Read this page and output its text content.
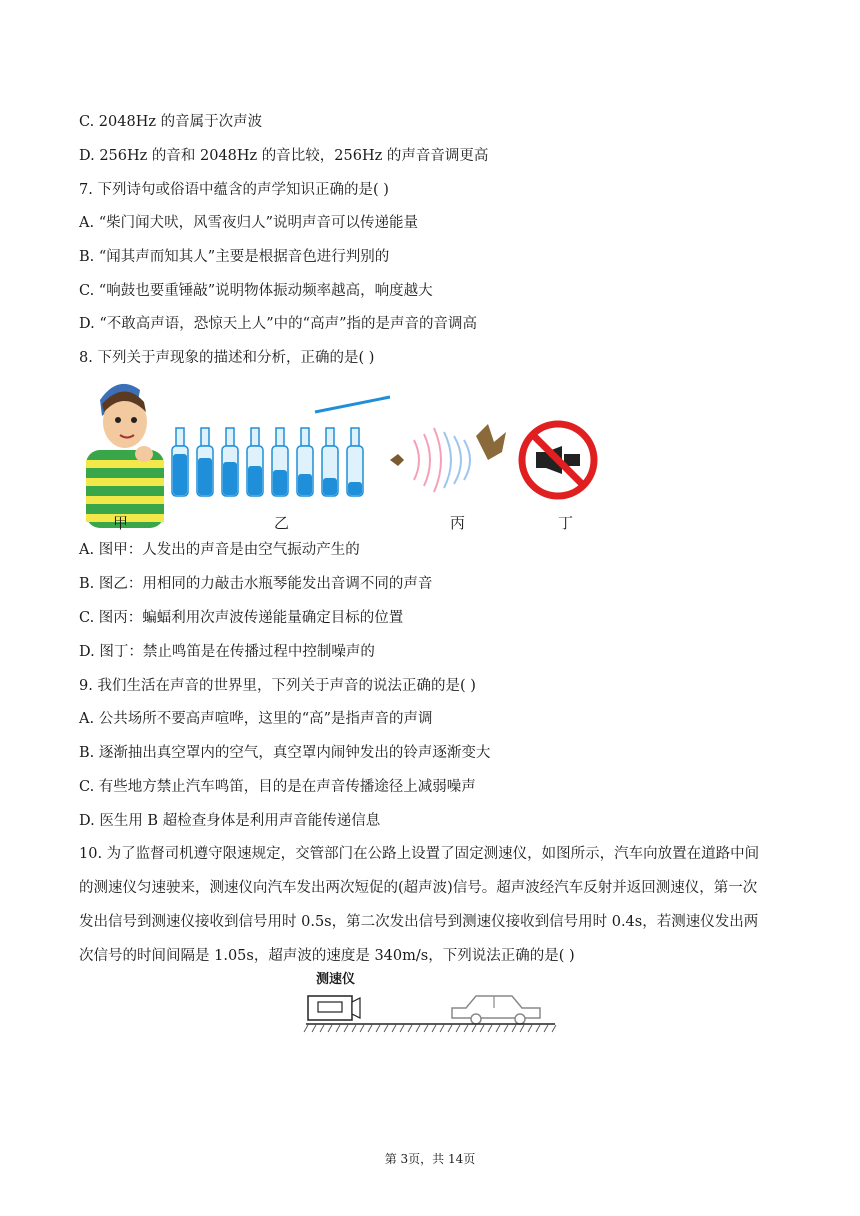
C. 2048Hz 的音属于次声波
D. 256Hz 的音和 2048Hz 的音比较，256Hz 的声音音调更高
7. 下列诗句或俗语中蕴含的声学知识正确的是( )
A. “柴门闻犬吠，风雪夜归人”说明声音可以传递能量
B. “闻其声而知其人”主要是根据音色进行判别的
C. “响鼓也要重锤敲”说明物体振动频率越高，响度越大
D. “不敢高声语，恐惊天上人”中的“高声”指的是声音的音调高
8. 下列关于声现象的描述和分析，正确的是( )
甲	乙	丙	丁
A. 图甲：人发出的声音是由空气振动产生的
B. 图乙：用相同的力敲击水瓶琴能发出音调不同的声音
C. 图丙：蝙蝠利用次声波传递能量确定目标的位置
D. 图丁：禁止鸣笛是在传播过程中控制噪声的
9. 我们生活在声音的世界里，下列关于声音的说法正确的是( )
A. 公共场所不要高声喧哗，这里的“高”是指声音的声调
B. 逐渐抽出真空罩内的空气，真空罩内闹钟发出的铃声逐渐变大
C. 有些地方禁止汽车鸣笛，目的是在声音传播途径上减弱噪声
D. 医生用 B 超检查身体是利用声音能传递信息
10. 为了监督司机遵守限速规定，交管部门在公路上设置了固定测速仪，如图所示，汽车向放置在道路中间
的测速仪匀速驶来，测速仪向汽车发出两次短促的(超声波)信号。超声波经汽车反射并返回测速仪，第一次
发出信号到测速仪接收到信号用时 0.5s，第二次发出信号到测速仪接收到信号用时 0.4s，若测速仪发出两
次信号的时间间隔是 1.05s，超声波的速度是 340m/s，下列说法正确的是( )
测速仪
第 3页，共 14页
